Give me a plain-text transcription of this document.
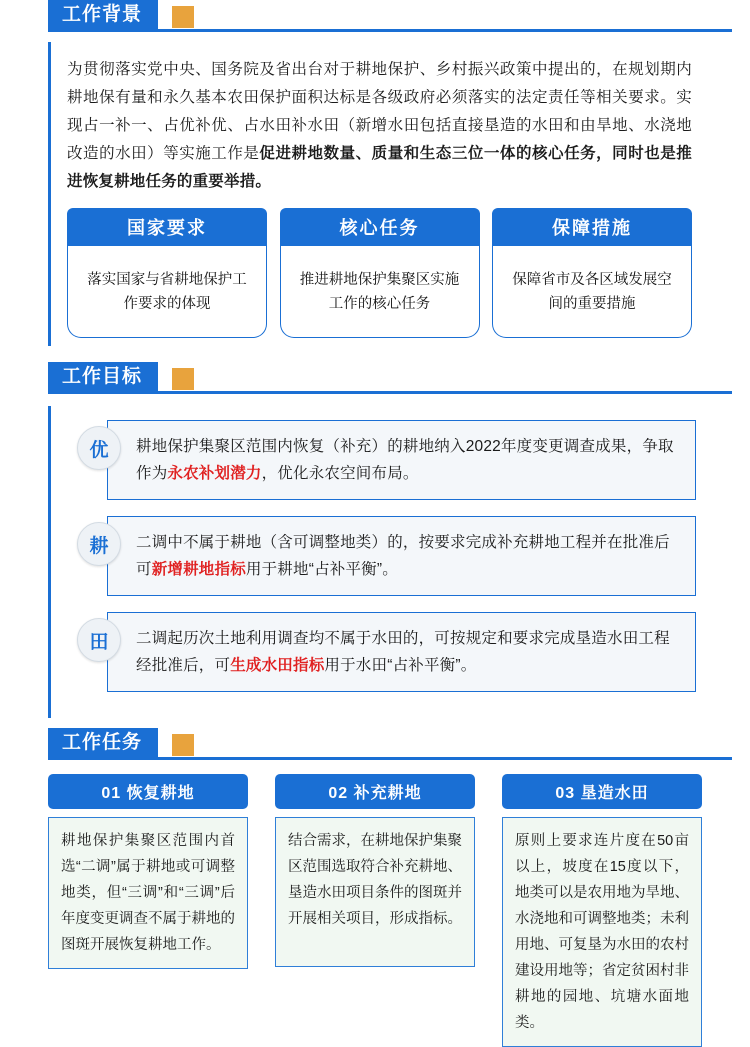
工作背景

为贯彻落实党中央、国务院及省出台对于耕地保护、乡村振兴政策中提出的，在规划期内耕地保有量和永久基本农田保护面积达标是各级政府必须落实的法定责任等相关要求。实现占一补一、占优补优、占水田补水田（新增水田包括直接垦造的水田和由旱地、水浇地改造的水田）等实施工作是促进耕地数量、质量和生态三位一体的核心任务，同时也是推进恢复耕地任务的重要举措。

国家要求
落实国家与省耕地保护工作要求的体现
核心任务
推进耕地保护集聚区实施工作的核心任务
保障措施
保障省市及各区域发展空间的重要措施
工作目标
优	耕地保护集聚区范围内恢复（补充）的耕地纳入2022年度变更调查成果，争取作为永农补划潜力，优化永农空间布局。
耕	二调中不属于耕地（含可调整地类）的，按要求完成补充耕地工程并在批准后可新增耕地指标用于耕地“占补平衡”。
田	二调起历次土地利用调查均不属于水田的，可按规定和要求完成垦造水田工程经批准后，可生成水田指标用于水田“占补平衡”。
工作任务
01 恢复耕地
耕地保护集聚区范围内首选“二调”属于耕地或可调整地类，但“三调”和“三调”后年度变更调查不属于耕地的图斑开展恢复耕地工作。
02 补充耕地
结合需求，在耕地保护集聚区范围选取符合补充耕地、垦造水田项目条件的图斑并开展相关项目，形成指标。
03 垦造水田
原则上要求连片度在50亩以上，坡度在15度以下，地类可以是农用地为旱地、水浇地和可调整地类；未利用地、可复垦为水田的农村建设用地等；省定贫困村非耕地的园地、坑塘水面地类。
